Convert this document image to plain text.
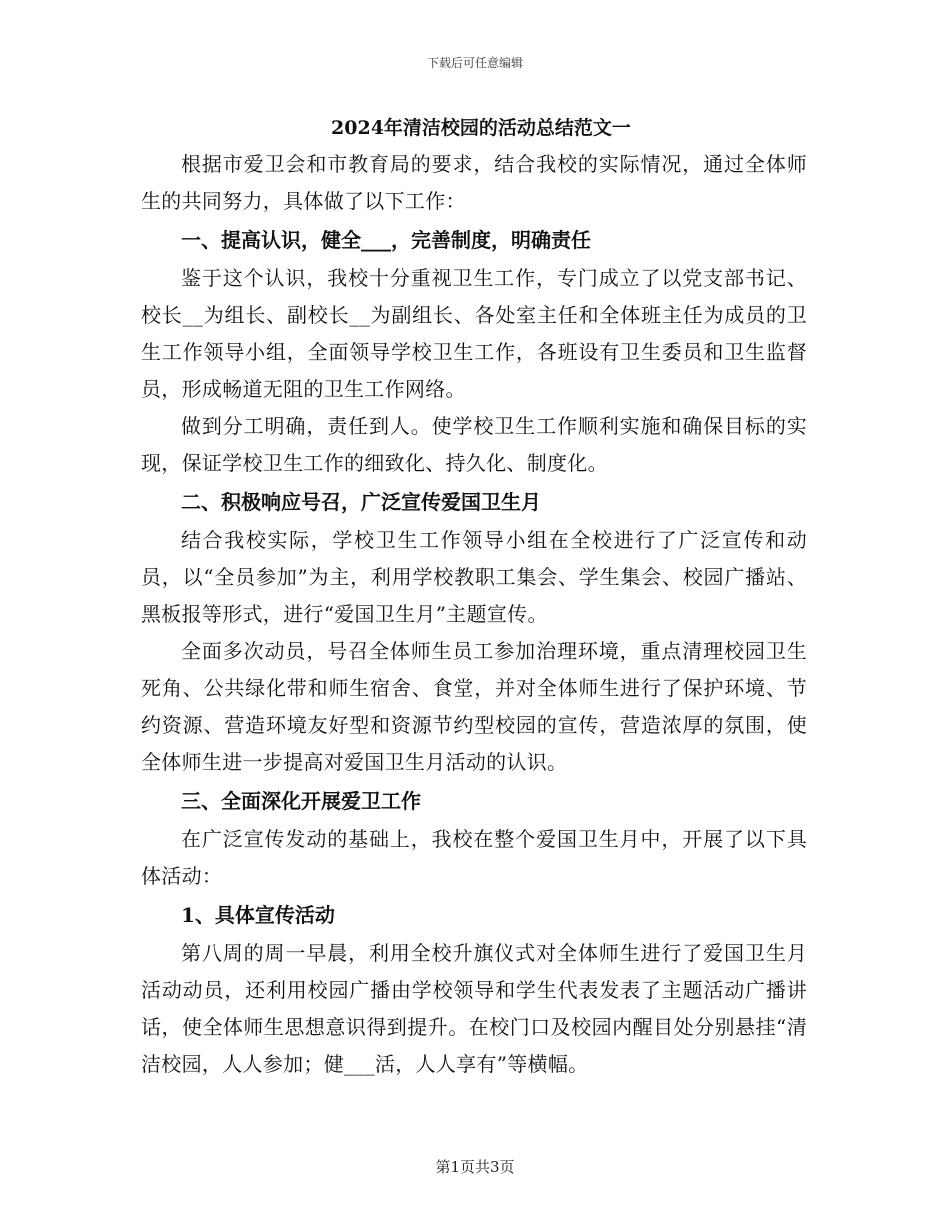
下载后可任意编辑
2024年清洁校园的活动总结范文一

根据市爱卫会和市教育局的要求，结合我校的实际情况，通过全体师生的共同努力，具体做了以下工作：

一、提高认识，健全___，完善制度，明确责任

鉴于这个认识，我校十分重视卫生工作，专门成立了以党支部书记、校长__为组长、副校长__为副组长、各处室主任和全体班主任为成员的卫生工作领导小组，全面领导学校卫生工作，各班设有卫生委员和卫生监督员，形成畅道无阻的卫生工作网络。

做到分工明确，责任到人。使学校卫生工作顺利实施和确保目标的实现，保证学校卫生工作的细致化、持久化、制度化。

二、积极响应号召，广泛宣传爱国卫生月

结合我校实际，学校卫生工作领导小组在全校进行了广泛宣传和动员，以“全员参加”为主，利用学校教职工集会、学生集会、校园广播站、黑板报等形式，进行“爱国卫生月”主题宣传。

全面多次动员，号召全体师生员工参加治理环境，重点清理校园卫生死角、公共绿化带和师生宿舍、食堂，并对全体师生进行了保护环境、节约资源、营造环境友好型和资源节约型校园的宣传，营造浓厚的氛围，使全体师生进一步提高对爱国卫生月活动的认识。

三、全面深化开展爱卫工作

在广泛宣传发动的基础上，我校在整个爱国卫生月中，开展了以下具体活动：

1、具体宣传活动

第八周的周一早晨，利用全校升旗仪式对全体师生进行了爱国卫生月活动动员，还利用校园广播由学校领导和学生代表发表了主题活动广播讲话，使全体师生思想意识得到提升。在校门口及校园内醒目处分别悬挂“清洁校园，人人参加；健___活，人人享有”等横幅。

第1页共3页
